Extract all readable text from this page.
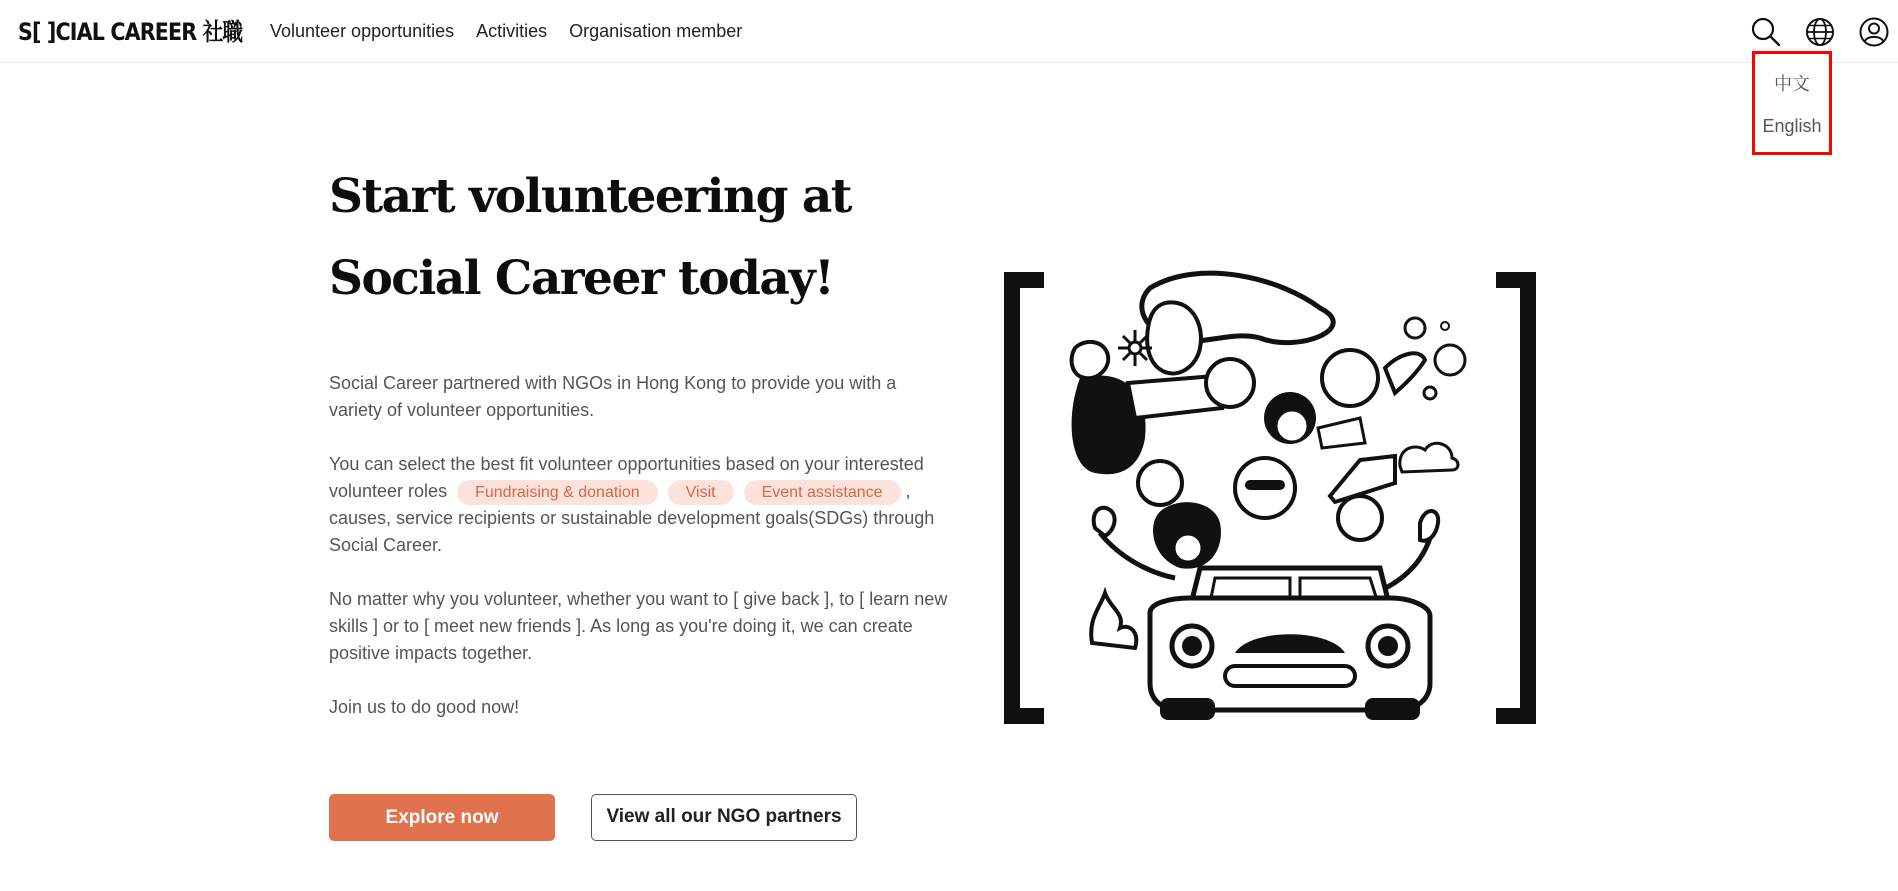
S[ ]CIAL CAREER 社職 Volunteer opportunities Activities Organisation member
中文
English
Start volunteering at Social Career today!
Social Career partnered with NGOs in Hong Kong to provide you with a variety of volunteer opportunities.
You can select the best fit volunteer opportunities based on your interested volunteer roles Fundraising & donation	Visit	Event assistance , causes, service recipients or sustainable development goals(SDGs) through Social Career.
No matter why you volunteer, whether you want to [ give back ], to [ learn new skills ] or to [ meet new friends ]. As long as you're doing it, we can create positive impacts together.
Join us to do good now!
Explore now	View all our NGO partners
